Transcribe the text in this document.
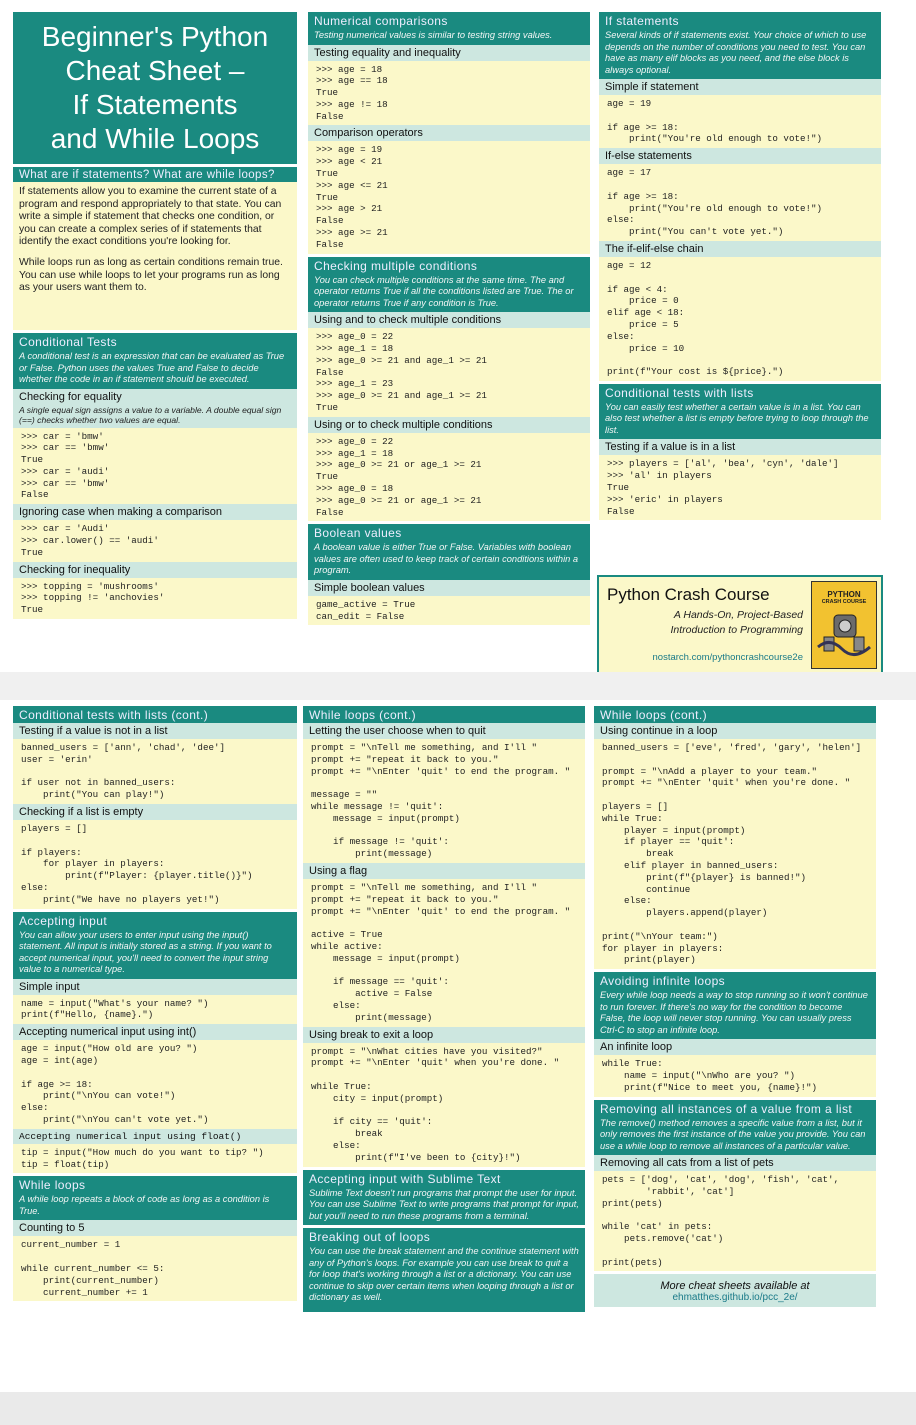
Beginner's Python
Cheat Sheet –
If Statements
and While Loops
What are if statements? What are while loops?

If statements allow you to examine the current state of a program and respond appropriately to that state. You can write a simple if statement that checks one condition, or you can create a complex series of if statements that identify the exact conditions you're looking for.

While loops run as long as certain conditions remain true. You can use while loops to let your programs run as long as your users want them to.

Conditional Tests
A conditional test is an expression that can be evaluated as True or False. Python uses the values True and False to decide whether the code in an if statement should be executed.
Checking for equality
A single equal sign assigns a value to a variable. A double equal sign (==) checks whether two values are equal.
>>> car = 'bmw'
>>> car == 'bmw'
True
>>> car = 'audi'
>>> car == 'bmw'
False
Ignoring case when making a comparison
>>> car = 'Audi'
>>> car.lower() == 'audi'
True
Checking for inequality
>>> topping = 'mushrooms'
>>> topping != 'anchovies'
True
Numerical comparisons
Testing numerical values is similar to testing string values.
Testing equality and inequality
>>> age = 18
>>> age == 18
True
>>> age != 18
False
Comparison operators
>>> age = 19
>>> age < 21
True
>>> age <= 21
True
>>> age > 21
False
>>> age >= 21
False
Checking multiple conditions
You can check multiple conditions at the same time. The and operator returns True if all the conditions listed are True. The or operator returns True if any condition is True.
Using and to check multiple conditions
>>> age_0 = 22
>>> age_1 = 18
>>> age_0 >= 21 and age_1 >= 21
False
>>> age_1 = 23
>>> age_0 >= 21 and age_1 >= 21
True
Using or to check multiple conditions
>>> age_0 = 22
>>> age_1 = 18
>>> age_0 >= 21 or age_1 >= 21
True
>>> age_0 = 18
>>> age_0 >= 21 or age_1 >= 21
False
Boolean values
A boolean value is either True or False. Variables with boolean values are often used to keep track of certain conditions within a program.
Simple boolean values
game_active = True
can_edit = False
If statements
Several kinds of if statements exist. Your choice of which to use depends on the number of conditions you need to test. You can have as many elif blocks as you need, and the else block is always optional.
Simple if statement
age = 19

if age >= 18:
print("You're old enough to vote!")
If-else statements
age = 17

if age >= 18:
print("You're old enough to vote!")
else:
print("You can't vote yet.")
The if-elif-else chain
age = 12

if age < 4:
price = 0
elif age < 18:
price = 5
else:
price = 10

print(f"Your cost is ${price}.")
Conditional tests with lists
You can easily test whether a certain value is in a list. You can also test whether a list is empty before trying to loop through the list.
Testing if a value is in a list
>>> players = ['al', 'bea', 'cyn', 'dale']
>>> 'al' in players
True
>>> 'eric' in players
False
Python Crash Course
A Hands-On, Project-Based
Introduction to Programming
nostarch.com/pythoncrashcourse2e
PYTHON
CRASH COURSE
Conditional tests with lists (cont.)
Testing if a value is not in a list
banned_users = ['ann', 'chad', 'dee']
user = 'erin'

if user not in banned_users:
print("You can play!")
Checking if a list is empty
players = []

if players:
for player in players:
print(f"Player: {player.title()}")
else:
print("We have no players yet!")
Accepting input
You can allow your users to enter input using the input() statement. All input is initially stored as a string. If you want to accept numerical input, you'll need to convert the input string value to a numerical type.
Simple input
name = input("What's your name? ")
print(f"Hello, {name}.")
Accepting numerical input using int()
age = input("How old are you? ")
age = int(age)

if age >= 18:
print("\nYou can vote!")
else:
print("\nYou can't vote yet.")
Accepting numerical input using float()
tip = input("How much do you want to tip? ")
tip = float(tip)
While loops
A while loop repeats a block of code as long as a condition is True.
Counting to 5
current_number = 1

while current_number <= 5:
print(current_number)
current_number += 1
While loops (cont.)
Letting the user choose when to quit
prompt = "\nTell me something, and I'll "
prompt += "repeat it back to you."
prompt += "\nEnter 'quit' to end the program. "

message = ""
while message != 'quit':
message = input(prompt)

if message != 'quit':
print(message)
Using a flag
prompt = "\nTell me something, and I'll "
prompt += "repeat it back to you."
prompt += "\nEnter 'quit' to end the program. "

active = True
while active:
message = input(prompt)

if message == 'quit':
active = False
else:
print(message)
Using break to exit a loop
prompt = "\nWhat cities have you visited?"
prompt += "\nEnter 'quit' when you're done. "

while True:
city = input(prompt)

if city == 'quit':
break
else:
print(f"I've been to {city}!")
Accepting input with Sublime Text
Sublime Text doesn't run programs that prompt the user for input. You can use Sublime Text to write programs that prompt for input, but you'll need to run these programs from a terminal.
Breaking out of loops
You can use the break statement and the continue statement with any of Python's loops. For example you can use break to quit a for loop that's working through a list or a dictionary. You can use continue to skip over certain items when looping through a list or dictionary as well.
While loops (cont.)
Using continue in a loop
banned_users = ['eve', 'fred', 'gary', 'helen']

prompt = "\nAdd a player to your team."
prompt += "\nEnter 'quit' when you're done. "

players = []
while True:
player = input(prompt)
if player == 'quit':
break
elif player in banned_users:
print(f"{player} is banned!")
continue
else:
players.append(player)

print("\nYour team:")
for player in players:
print(player)
Avoiding infinite loops
Every while loop needs a way to stop running so it won't continue to run forever. If there's no way for the condition to become False, the loop will never stop running. You can usually press Ctrl-C to stop an infinite loop.
An infinite loop
while True:
name = input("\nWho are you? ")
print(f"Nice to meet you, {name}!")
Removing all instances of a value from a list
The remove() method removes a specific value from a list, but it only removes the first instance of the value you provide. You can use a while loop to remove all instances of a particular value.
Removing all cats from a list of pets
pets = ['dog', 'cat', 'dog', 'fish', 'cat',
'rabbit', 'cat']
print(pets)

while 'cat' in pets:
pets.remove('cat')

print(pets)
More cheat sheets available at
ehmatthes.github.io/pcc_2e/
